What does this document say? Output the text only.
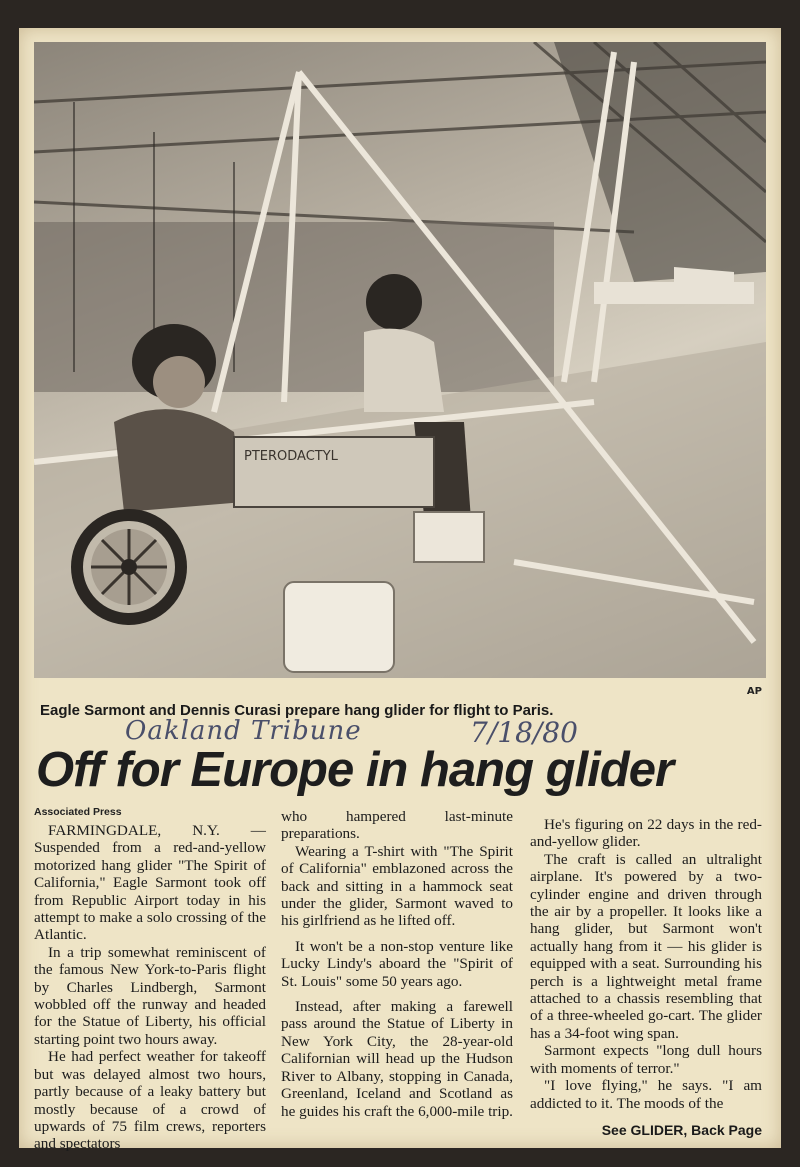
PTERODACTYL
AP
Eagle Sarmont and Dennis Curasi prepare hang glider for flight to Paris.
Oakland Tribune	7/18/80
Off for Europe in hang glider
Associated Press

FARMINGDALE, N.Y. — Suspended from a red-and-yellow motorized hang glider "The Spirit of California," Eagle Sarmont took off from Republic Airport today in his attempt to make a solo crossing of the Atlantic.

In a trip somewhat reminiscent of the famous New York-to-Paris flight by Charles Lindbergh, Sarmont wobbled off the runway and headed for the Statue of Liberty, his official starting point two hours away.

He had perfect weather for takeoff but was delayed almost two hours, partly because of a leaky battery but mostly because of a crowd of upwards of 75 film crews, reporters and spectators

who hampered last-minute preparations.

Wearing a T-shirt with "The Spirit of California" emblazoned across the back and sitting in a hammock seat under the glider, Sarmont waved to his girlfriend as he lifted off.

It won't be a non-stop venture like Lucky Lindy's aboard the "Spirit of St. Louis" some 50 years ago.

Instead, after making a farewell pass around the Statue of Liberty in New York City, the 28-year-old Californian will head up the Hudson River to Albany, stopping in Canada, Greenland, Iceland and Scotland as he guides his craft the 6,000-mile trip.

He's figuring on 22 days in the red-and-yellow glider.

The craft is called an ultralight airplane. It's powered by a two-cylinder engine and driven through the air by a propeller. It looks like a hang glider, but Sarmont won't actually hang from it — his glider is equipped with a seat. Surrounding his perch is a lightweight metal frame attached to a chassis resembling that of a three-wheeled go-cart. The glider has a 34-foot wing span.

Sarmont expects "long dull hours with moments of terror."

"I love flying," he says. "I am addicted to it. The moods of the

See GLIDER, Back Page
